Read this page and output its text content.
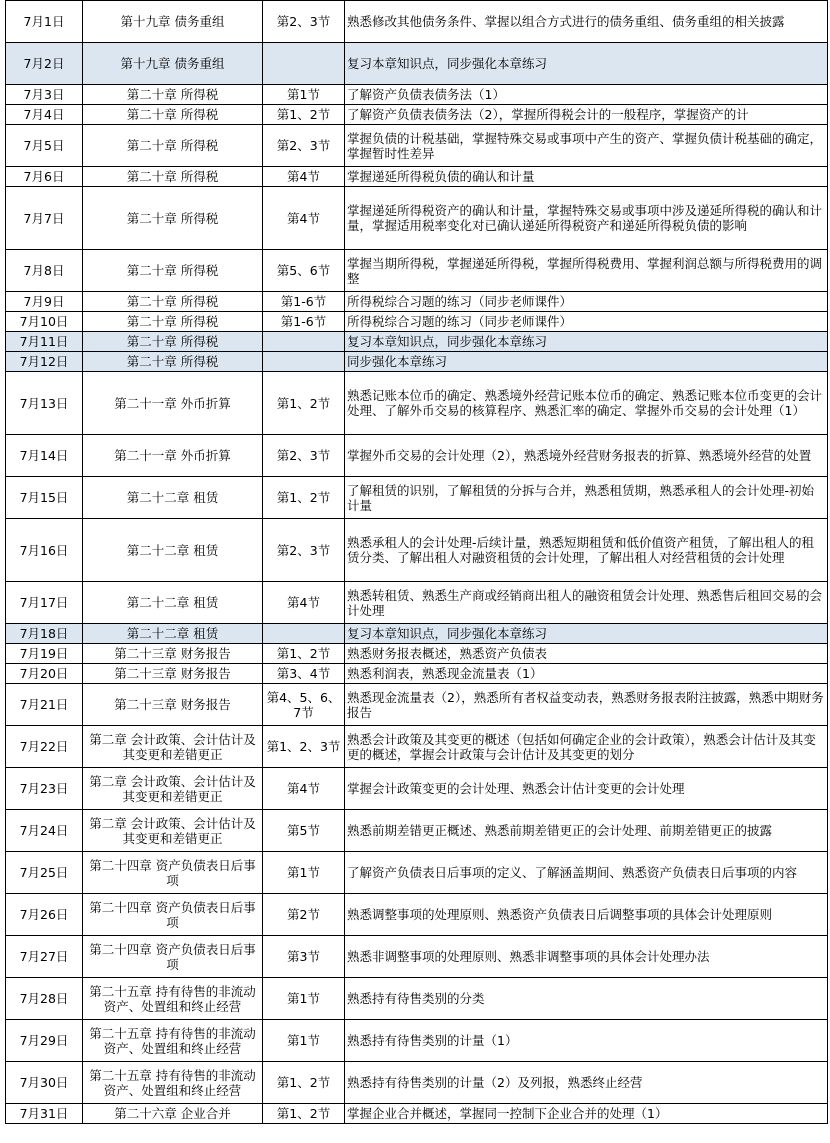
7月1日	第十九章 债务重组	第2、3节	熟悉修改其他债务条件、掌握以组合方式进行的债务重组、债务重组的相关披露
7月2日	第十九章 债务重组		复习本章知识点，同步强化本章练习
7月3日	第二十章 所得税	第1节	了解资产负债表债务法（1）
7月4日	第二十章 所得税	第1、2节	了解资产负债表债务法（2），掌握所得税会计的一般程序，掌握资产的计
7月5日	第二十章 所得税	第2、3节	掌握负债的计税基础，掌握特殊交易或事项中产生的资产、掌握负债计税基础的确定，掌握暂时性差异
7月6日	第二十章 所得税	第4节	掌握递延所得税负债的确认和计量
7月7日	第二十章 所得税	第4节	掌握递延所得税资产的确认和计量，掌握特殊交易或事项中涉及递延所得税的确认和计量，掌握适用税率变化对已确认递延所得税资产和递延所得税负债的影响
7月8日	第二十章 所得税	第5、6节	掌握当期所得税，掌握递延所得税，掌握所得税费用、掌握利润总额与所得税费用的调整
7月9日	第二十章 所得税	第1-6节	所得税综合习题的练习（同步老师课件）
7月10日	第二十章 所得税	第1-6节	所得税综合习题的练习（同步老师课件）
7月11日	第二十章 所得税		复习本章知识点，同步强化本章练习
7月12日	第二十章 所得税		同步强化本章练习
7月13日	第二十一章 外币折算	第1、2节	熟悉记账本位币的确定、熟悉境外经营记账本位币的确定、熟悉记账本位币变更的会计处理、了解外币交易的核算程序、熟悉汇率的确定、掌握外币交易的会计处理（1）
7月14日	第二十一章 外币折算	第2、3节	掌握外币交易的会计处理（2），熟悉境外经营财务报表的折算、熟悉境外经营的处置
7月15日	第二十二章 租赁	第1、2节	了解租赁的识别，了解租赁的分拆与合并，熟悉租赁期，熟悉承租人的会计处理-初始计量
7月16日	第二十二章 租赁	第2、3节	熟悉承租人的会计处理-后续计量，熟悉短期租赁和低价值资产租赁，了解出租人的租赁分类、了解出租人对融资租赁的会计处理，了解出租人对经营租赁的会计处理
7月17日	第二十二章 租赁	第4节	熟悉转租赁、熟悉生产商或经销商出租人的融资租赁会计处理、熟悉售后租回交易的会计处理
7月18日	第二十二章 租赁		复习本章知识点，同步强化本章练习
7月19日	第二十三章 财务报告	第1、2节	熟悉财务报表概述，熟悉资产负债表
7月20日	第二十三章 财务报告	第3、4节	熟悉利润表，熟悉现金流量表（1）
7月21日	第二十三章 财务报告	第4、5、6、7节	熟悉现金流量表（2），熟悉所有者权益变动表，熟悉财务报表附注披露，熟悉中期财务报告
7月22日	第二章 会计政策、会计估计及其变更和差错更正	第1、2、3节	熟悉会计政策及其变更的概述（包括如何确定企业的会计政策），熟悉会计估计及其变更的概述，掌握会计政策与会计估计及其变更的划分
7月23日	第二章 会计政策、会计估计及其变更和差错更正	第4节	掌握会计政策变更的会计处理、熟悉会计估计变更的会计处理
7月24日	第二章 会计政策、会计估计及其变更和差错更正	第5节	熟悉前期差错更正概述、熟悉前期差错更正的会计处理、前期差错更正的披露
7月25日	第二十四章 资产负债表日后事项	第1节	了解资产负债表日后事项的定义、了解涵盖期间、熟悉资产负债表日后事项的内容
7月26日	第二十四章 资产负债表日后事项	第2节	熟悉调整事项的处理原则、熟悉资产负债表日后调整事项的具体会计处理原则
7月27日	第二十四章 资产负债表日后事项	第3节	熟悉非调整事项的处理原则、熟悉非调整事项的具体会计处理办法
7月28日	第二十五章 持有待售的非流动资产、处置组和终止经营	第1节	熟悉持有待售类别的分类
7月29日	第二十五章 持有待售的非流动资产、处置组和终止经营	第1节	熟悉持有待售类别的计量（1）
7月30日	第二十五章 持有待售的非流动资产、处置组和终止经营	第1、2节	熟悉持有待售类别的计量（2）及列报，熟悉终止经营
7月31日	第二十六章 企业合并	第1、2节	掌握企业合并概述，掌握同一控制下企业合并的处理（1）
